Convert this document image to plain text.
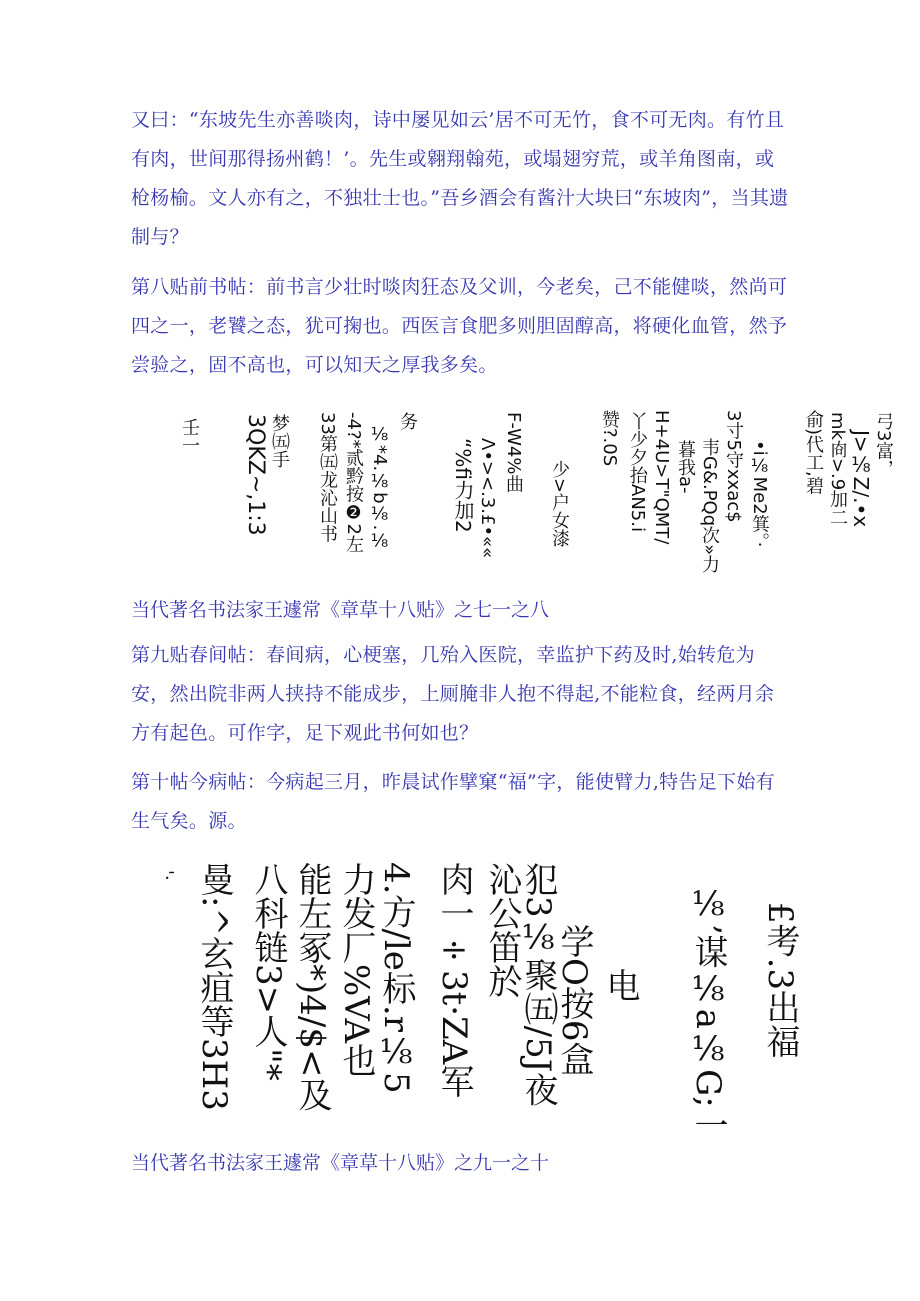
又曰：“东坡先生亦善啖肉，诗中屡见如云’居不可无竹，食不可无肉。有竹且有肉，世间那得扬州鹤！’。先生或翱翔翰苑，或塌翅穷荒，或羊角图南，或枪杨榆。文人亦有之，不独壮士也。”吾乡酒会有酱汁大块曰“东坡肉”，当其遗制与？

第八贴前书帖：前书言少壮时啖肉狂态及父训，今老矣，己不能健啖，然尚可四之一，老饕之态，犹可掬也。西医言食肥多则胆固醇高，将硬化血管，然予尝验之，固不高也，可以知天之厚我多矣。

弓3富，
J>⅛Z/.•x
mk㕯>.9加二
俞)代工,碧
•i⅛Me2箕。·
3寸5守xxac$
韦G&.PQq次»力
暮我a-
H+4U>T"QMT/
丫少夕抬AN5.i
赞?.0S
少>户女漆
F-W4%曲
Λ•><.3.£•««
“%fi力加2
务
⅛*4.⅛b⅛.⅛
-4?*贰黔按❷2左
33第㈤龙沁山书
梦㈤手
3QKZ~,1:3
壬一

当代著名书法家王遽常《章草十八贴》之七一之八

第九贴春间帖：春间病，心梗塞，几殆入医院，幸监护下药及时,始转危为安，然出院非两人挟持不能成步，上厕腌非人抱不得起,不能粒食，经两月余方有起色。可作字，足下观此书何如也？

第十帖今病帖：今病起三月，昨晨试作擘窠“福”字，能使臂力,特告足下始有生气矣。源。

£考.3出福
⅛’谋⅛a⅛G;一
电
学O按6盒
犯3⅛聚㈤/5J夜
沁公笛於
肉一÷3t·ZA军
4.方∕le标.r⅛5
力发厂%VA也
能左冢*)4/$<及
八科链3>人"*
曼:^玄疽等3H3
'·

当代著名书法家王遽常《章草十八贴》之九一之十
